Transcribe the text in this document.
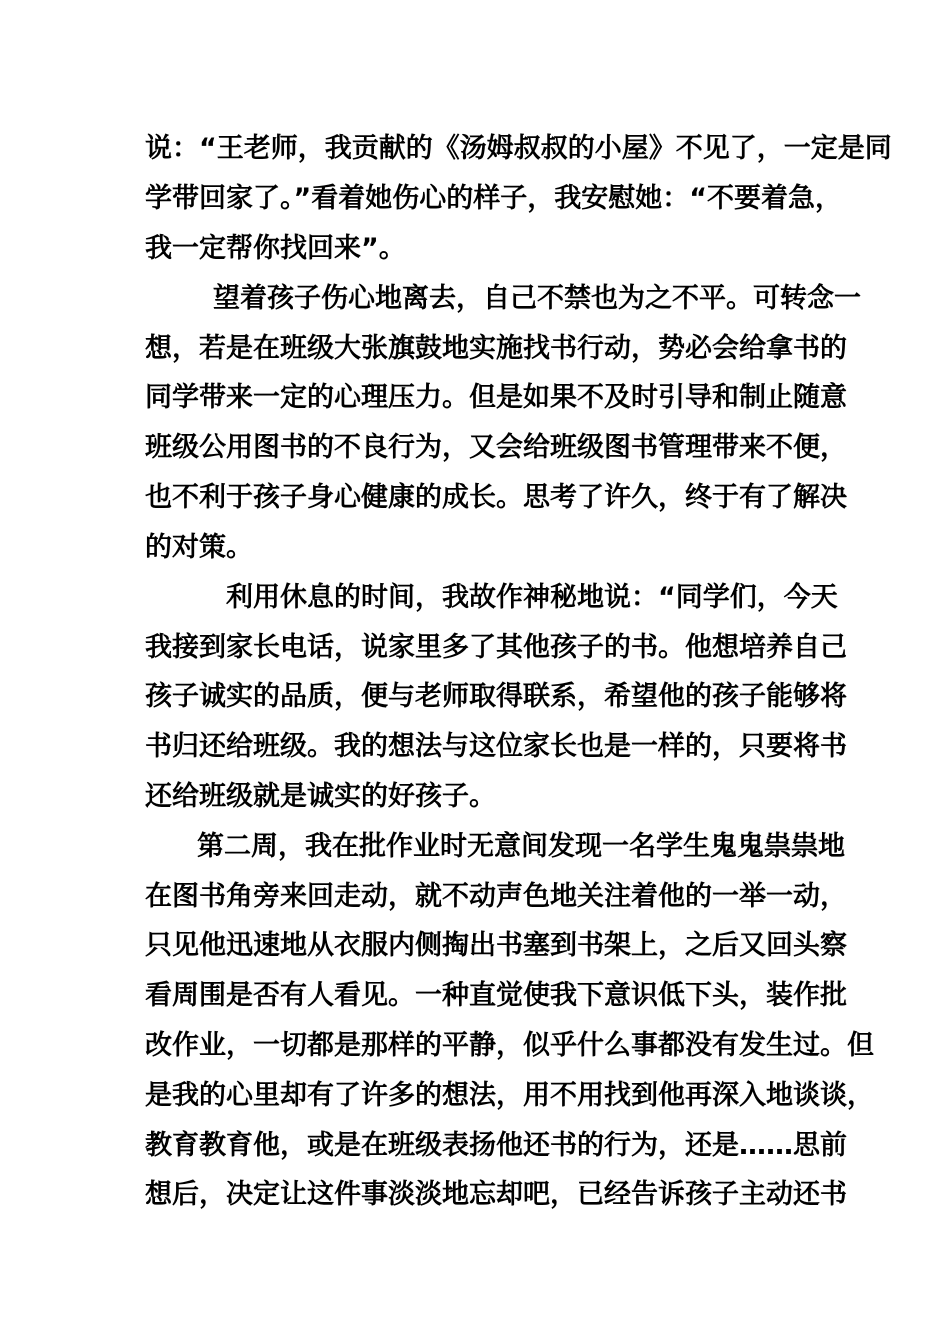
说：“王老师，我贡献的《汤姆叔叔的小屋》不见了，一定是同
学带回家了。”看着她伤心的样子，我安慰她：“不要着急，
我一定帮你找回来”。
望着孩子伤心地离去，自己不禁也为之不平。可转念一
想，若是在班级大张旗鼓地实施找书行动，势必会给拿书的
同学带来一定的心理压力。但是如果不及时引导和制止随意
班级公用图书的不良行为，又会给班级图书管理带来不便，
也不利于孩子身心健康的成长。思考了许久，终于有了解决
的对策。
利用休息的时间，我故作神秘地说：“同学们，今天
我接到家长电话，说家里多了其他孩子的书。他想培养自己
孩子诚实的品质，便与老师取得联系，希望他的孩子能够将
书归还给班级。我的想法与这位家长也是一样的，只要将书
还给班级就是诚实的好孩子。
第二周，我在批作业时无意间发现一名学生鬼鬼祟祟地
在图书角旁来回走动，就不动声色地关注着他的一举一动，
只见他迅速地从衣服内侧掏出书塞到书架上，之后又回头察
看周围是否有人看见。一种直觉使我下意识低下头，装作批
改作业，一切都是那样的平静，似乎什么事都没有发生过。但
是我的心里却有了许多的想法，用不用找到他再深入地谈谈，
教育教育他，或是在班级表扬他还书的行为，还是……思前
想后，决定让这件事淡淡地忘却吧，已经告诉孩子主动还书
